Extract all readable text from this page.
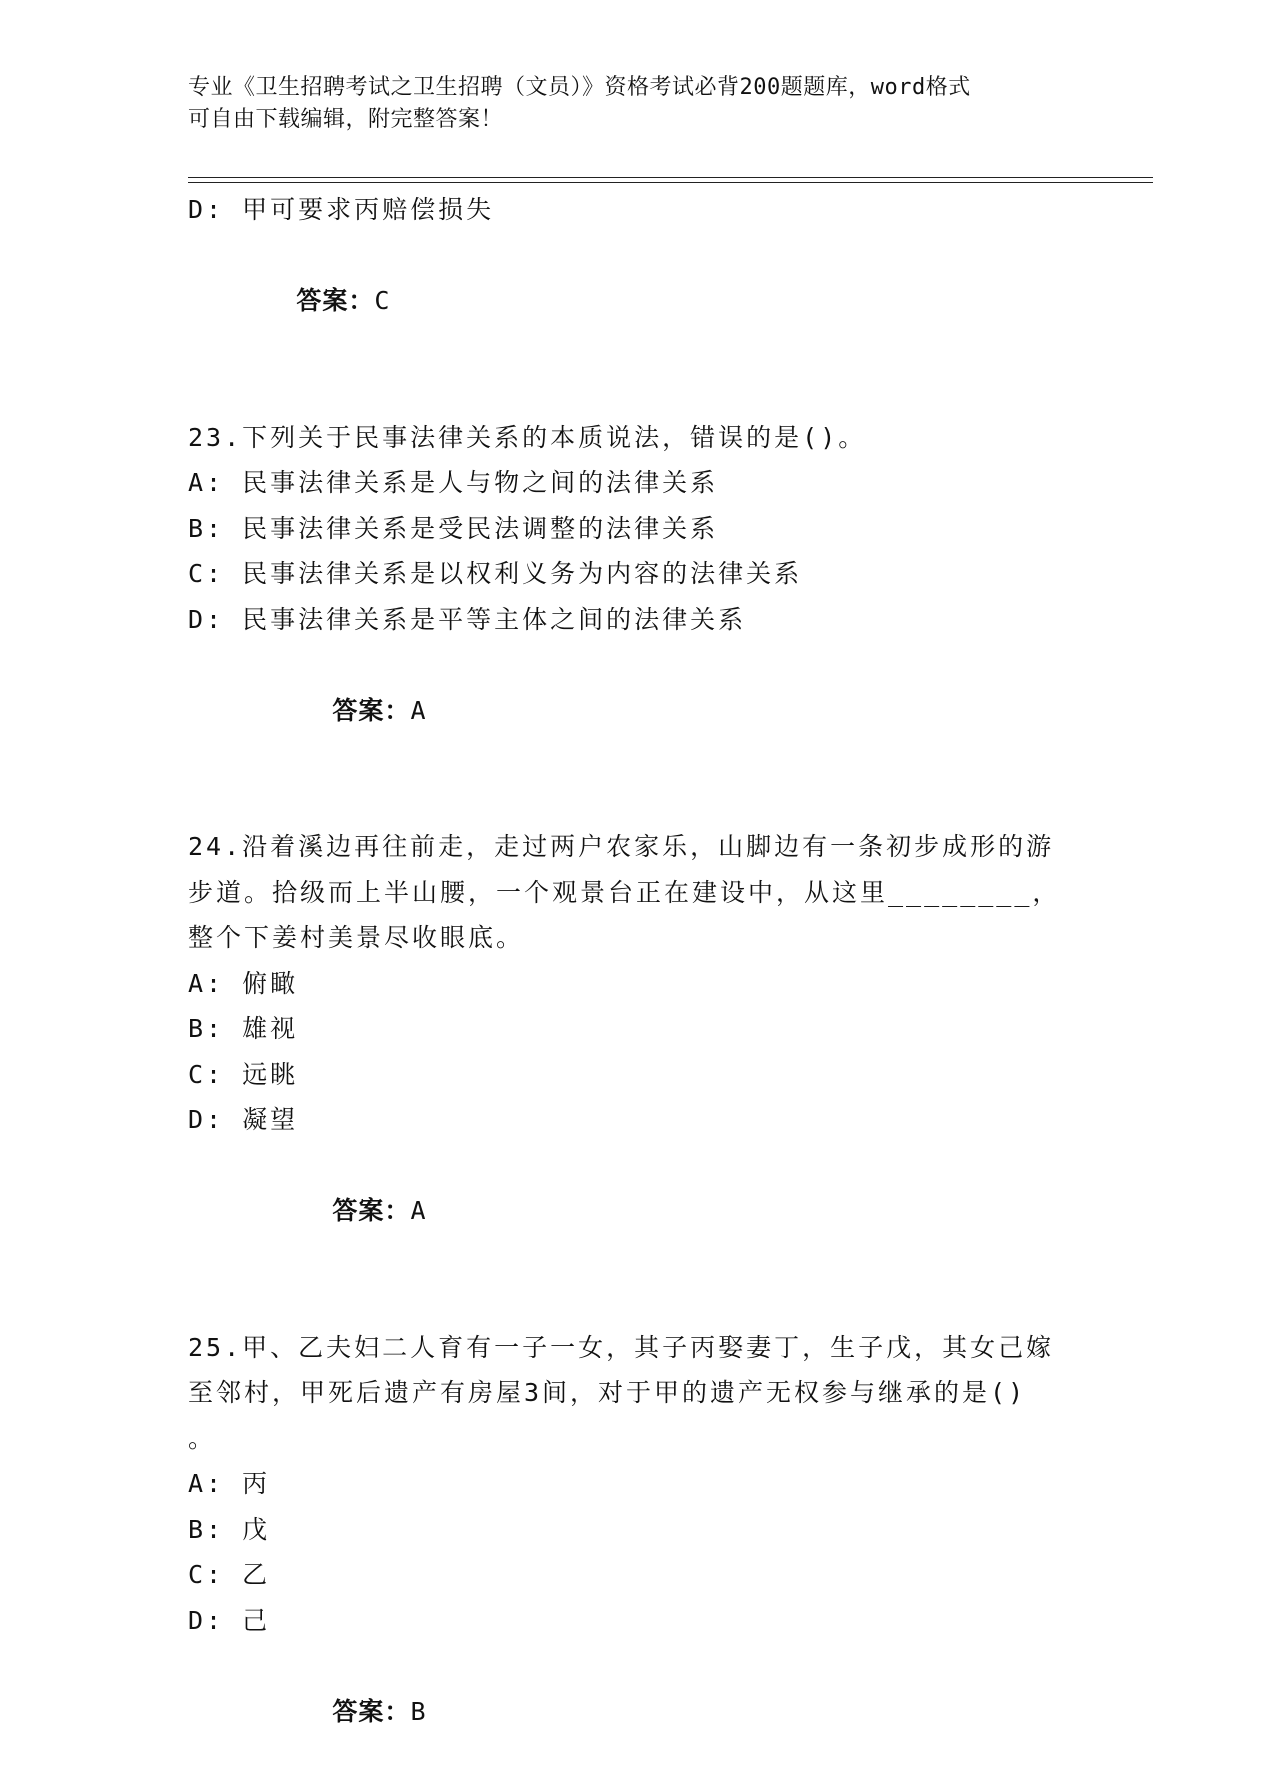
专业《卫生招聘考试之卫生招聘（文员）》资格考试必背200题题库，word格式
可自由下载编辑，附完整答案！
D: 甲可要求丙赔偿损失

答案：C

23.下列关于民事法律关系的本质说法，错误的是()。
A: 民事法律关系是人与物之间的法律关系
B: 民事法律关系是受民法调整的法律关系
C: 民事法律关系是以权利义务为内容的法律关系
D: 民事法律关系是平等主体之间的法律关系

答案：A

24.沿着溪边再往前走，走过两户农家乐，山脚边有一条初步成形的游
步道。拾级而上半山腰，一个观景台正在建设中，从这里________，
整个下姜村美景尽收眼底。
A: 俯瞰
B: 雄视
C: 远眺
D: 凝望

答案：A

25.甲、乙夫妇二人育有一子一女，其子丙娶妻丁，生子戊，其女己嫁
至邻村，甲死后遗产有房屋3间，对于甲的遗产无权参与继承的是()
。
A: 丙
B: 戊
C: 乙
D: 己

答案：B
